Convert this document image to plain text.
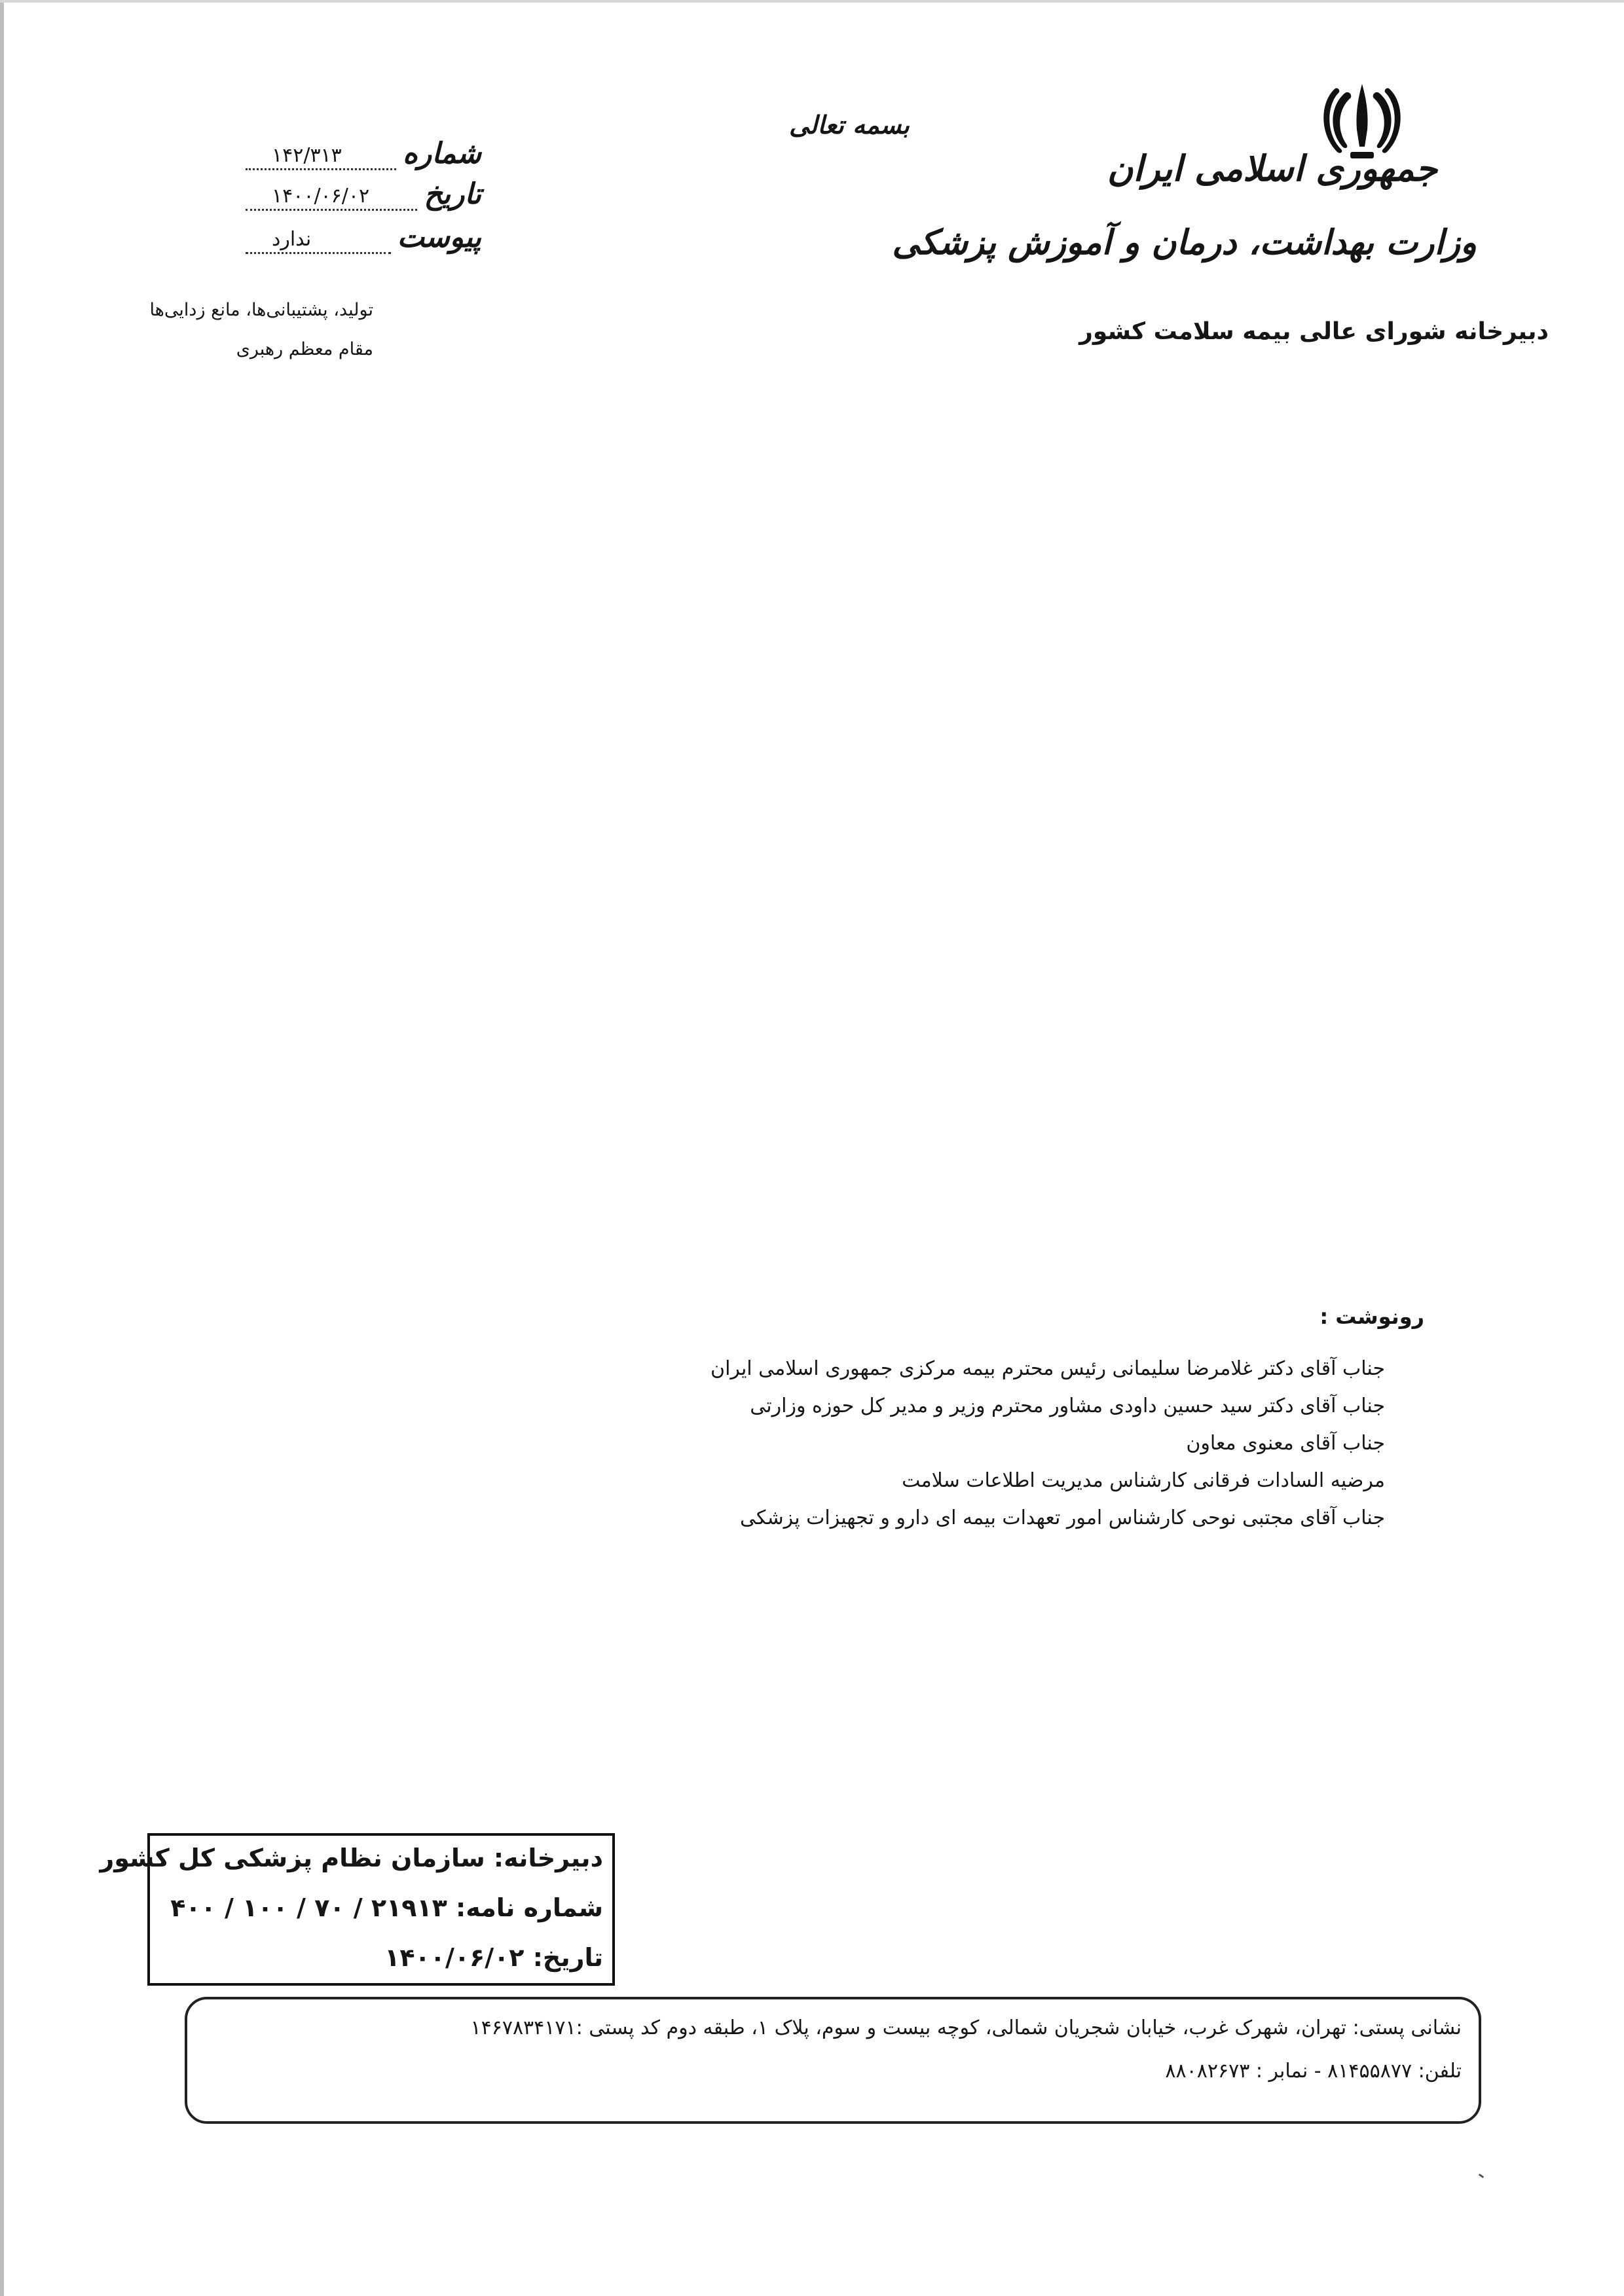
جمهوری اسلامی ایران
وزارت بهداشت، درمان و آموزش پزشکی
دبیرخانه شورای عالی بیمه سلامت کشور
بسمه تعالی
شماره
۱۴۲/۳۱۳
تاریخ
۱۴۰۰/۰۶/۰۲
پیوست
ندارد
تولید، پشتیبانی‌ها، مانع زدایی‌ها
مقام معظم رهبری
رونوشت :
جناب آقای دکتر غلامرضا سلیمانی رئیس محترم بیمه مرکزی جمهوری اسلامی ایران
جناب آقای دکتر سید حسین داودی مشاور محترم وزیر و مدیر کل حوزه وزارتی
جناب آقای معنوی معاون
مرضیه السادات فرقانی کارشناس مدیریت اطلاعات سلامت
جناب آقای مجتبی نوحی کارشناس امور تعهدات بیمه ای دارو و تجهیزات پزشکی
دبیرخانه: سازمان نظام پزشکی کل کشور
شماره نامه: ۲۱۹۱۳ / ۷۰ / ۱۰۰ / ۴۰۰
تاریخ: ۱۴۰۰/۰۶/۰۲
نشانی پستی: تهران، شهرک غرب، خیابان شجریان شمالی، کوچه بیست و سوم، پلاک ۱، طبقه دوم کد پستی :۱۴۶۷۸۳۴۱۷۱
تلفن: ۸۱۴۵۵۸۷۷ - نمابر : ۸۸۰۸۲۶۷۳
